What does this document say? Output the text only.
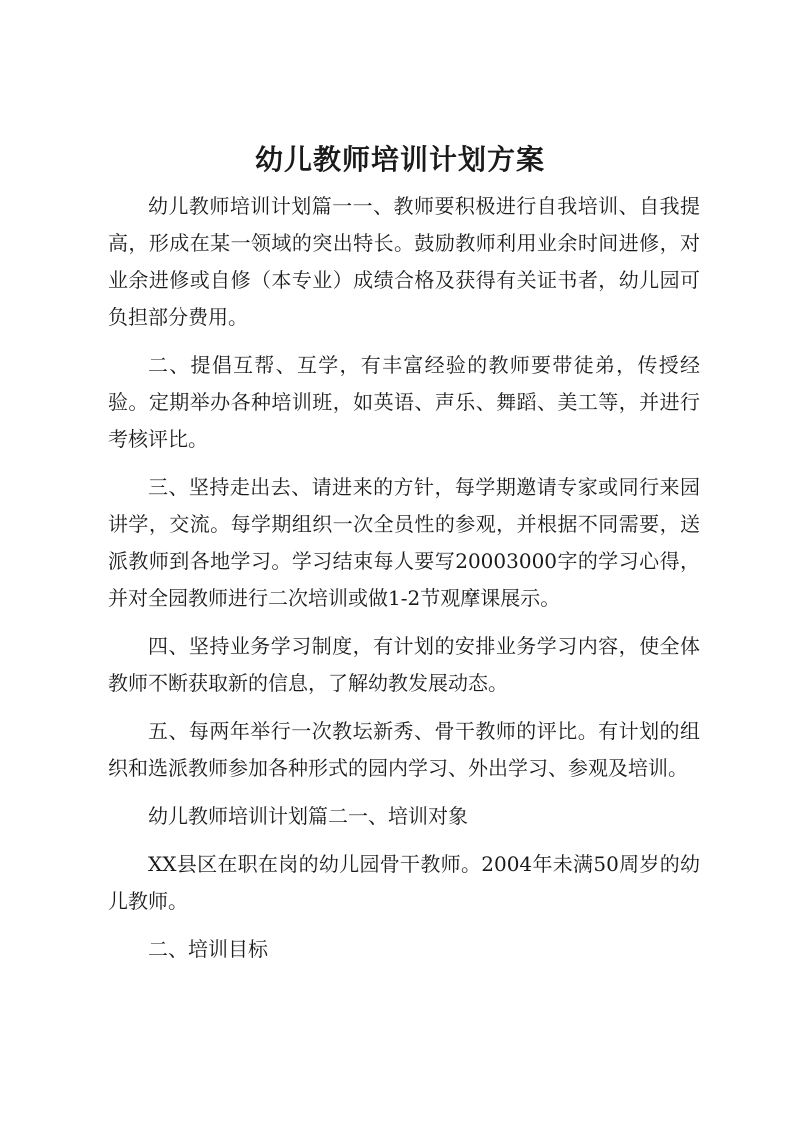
幼儿教师培训计划方案

幼儿教师培训计划篇一一、教师要积极进行自我培训、自我提高，形成在某一领域的突出特长。鼓励教师利用业余时间进修，对业余进修或自修（本专业）成绩合格及获得有关证书者，幼儿园可负担部分费用。

二、提倡互帮、互学，有丰富经验的教师要带徒弟，传授经验。定期举办各种培训班，如英语、声乐、舞蹈、美工等，并进行考核评比。

三、坚持走出去、请进来的方针，每学期邀请专家或同行来园讲学，交流。每学期组织一次全员性的参观，并根据不同需要，送派教师到各地学习。学习结束每人要写20003000字的学习心得，并对全园教师进行二次培训或做1-2节观摩课展示。

四、坚持业务学习制度，有计划的安排业务学习内容，使全体教师不断获取新的信息，了解幼教发展动态。

五、每两年举行一次教坛新秀、骨干教师的评比。有计划的组织和选派教师参加各种形式的园内学习、外出学习、参观及培训。

幼儿教师培训计划篇二一、培训对象

XX县区在职在岗的幼儿园骨干教师。2004年未满50周岁的幼儿教师。

二、培训目标
